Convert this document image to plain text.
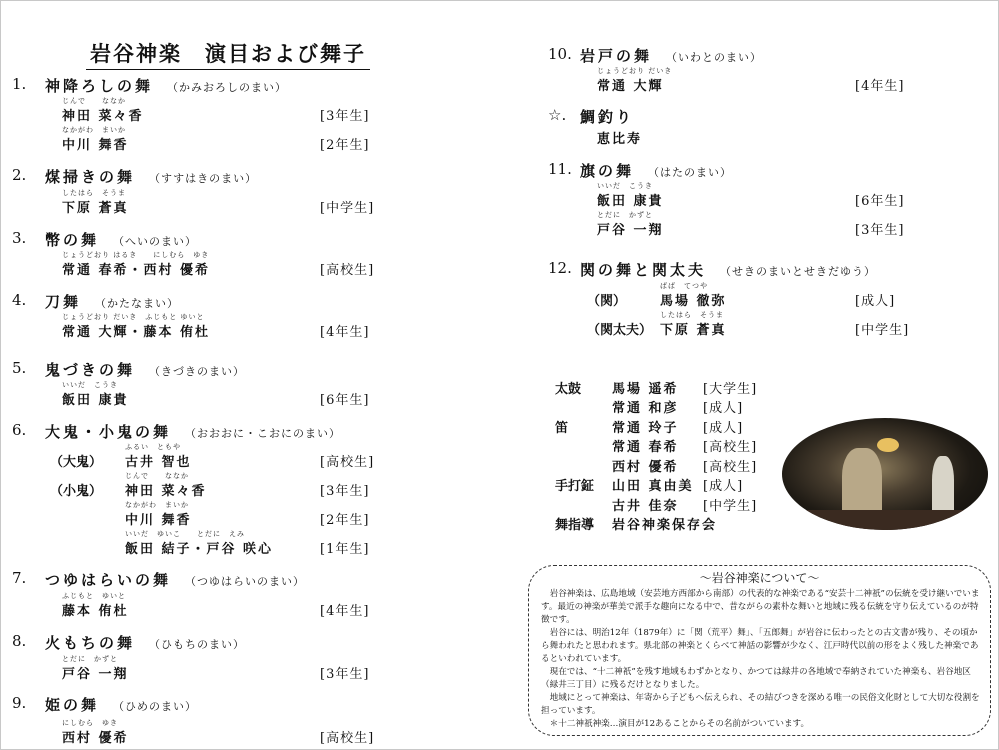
岩谷神楽　演目および舞子
1. 神降ろしの舞 （かみおろしのまい）
じんで　　ななか
神田 菜々香	[3年生]
なかがわ　まいか
中川 舞香	[2年生]
2. 煤掃きの舞 （すすはきのまい）
したはら　そうま
下原 蒼真	[中学生]
3. 幣の舞 （へいのまい）
じょうどおり はるき　　にしむら　ゆき
常通 春希・西村 優希	[高校生]
4. 刀舞 （かたなまい）
じょうどおり だいき　ふじもと ゆいと
常通 大輝・藤本 侑杜	[4年生]
5. 鬼づきの舞 （きづきのまい）
いいだ　こうき
飯田 康貴	[6年生]
6. 大鬼・小鬼の舞 （おおおに・こおにのまい）
（大鬼）
ふるい　ともや
古井 智也	[高校生]
（小鬼）
じんで　　ななか
神田 菜々香	[3年生]
なかがわ　まいか
中川 舞香	[2年生]
いいだ　ゆいこ　　とだに　えみ
飯田 結子・戸谷 咲心	[1年生]
7. つゆはらいの舞 （つゆはらいのまい）
ふじもと　ゆいと
藤本 侑杜	[4年生]
8. 火もちの舞 （ひもちのまい）
とだに　かずと
戸谷 一翔	[3年生]
9. 姫の舞 （ひめのまい）
にしむら　ゆき
西村 優希	[高校生]
10. 岩戸の舞 （いわとのまい）
じょうどおり だいき
常通 大輝	[4年生]
☆. 鯛釣り
恵比寿
11. 旗の舞 （はたのまい）
いいだ　こうき
飯田 康貴	[6年生]
とだに　かずと
戸谷 一翔	[3年生]
12. 関の舞と関太夫 （せきのまいとせきだゆう）
（関）
ばば　てつや
馬場 徹弥	[成人]
（関太夫）
したはら　そうま
下原 蒼真	[中学生]
太鼓 馬場 遥希 [大学生]
常通 和彦 [成人]
笛	常通 玲子 [成人]
常通 春希 [高校生]
西村 優希 [高校生]
手打鉦 山田 真由美 [成人]
古井 佳奈 [中学生]
舞指導 岩谷神楽保存会
～岩谷神楽について～

岩谷神楽は、広島地域（安芸地方西部から南部）の代表的な神楽である“安芸十二神祇”の伝統を受け継いでいます。最近の神楽が華美で派手な趣向になる中で、昔ながらの素朴な舞いと地域に残る伝統を守り伝えているのが特徴です。

岩谷には、明治12年（1879年）に「関（荒平）舞」、「五郎舞」が岩谷に伝わったとの古文書が残り、その頃から舞われたと思われます。県北部の神楽とくらべて神話の影響が少なく、江戸時代以前の形をよく残した神楽であるといわれています。

現在では、“十二神祇”を残す地域もわずかとなり、かつては緑井の各地域で奉納されていた神楽も、岩谷地区（緑井三丁目）に残るだけとなりました。

地域にとって神楽は、年寄から子どもへ伝えられ、その結びつきを深める唯一の民俗文化財として大切な役割を担っています。

＊十二神祇神楽…演目が12あることからその名前がついています。
